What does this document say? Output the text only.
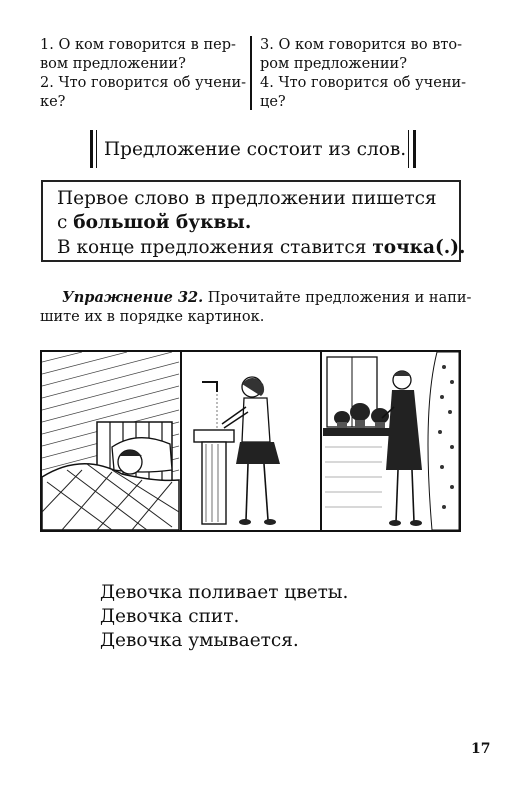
1. О ком говорится в пер-
вом предложении?
2. Что говорится об учени-
ке?
3. О ком говорится во вто-
ром предложении?
4. Что говорится об учени-
це?
Предложение состоит из слов.
Первое слово в предложении пишется
с большой буквы.
В конце предложения ставится точка(.).
Упражнение 32. Прочитайте предложения и напи-
шите их в порядке картинок.
Девочка поливает цветы.
Девочка спит.
Девочка умывается.
17
